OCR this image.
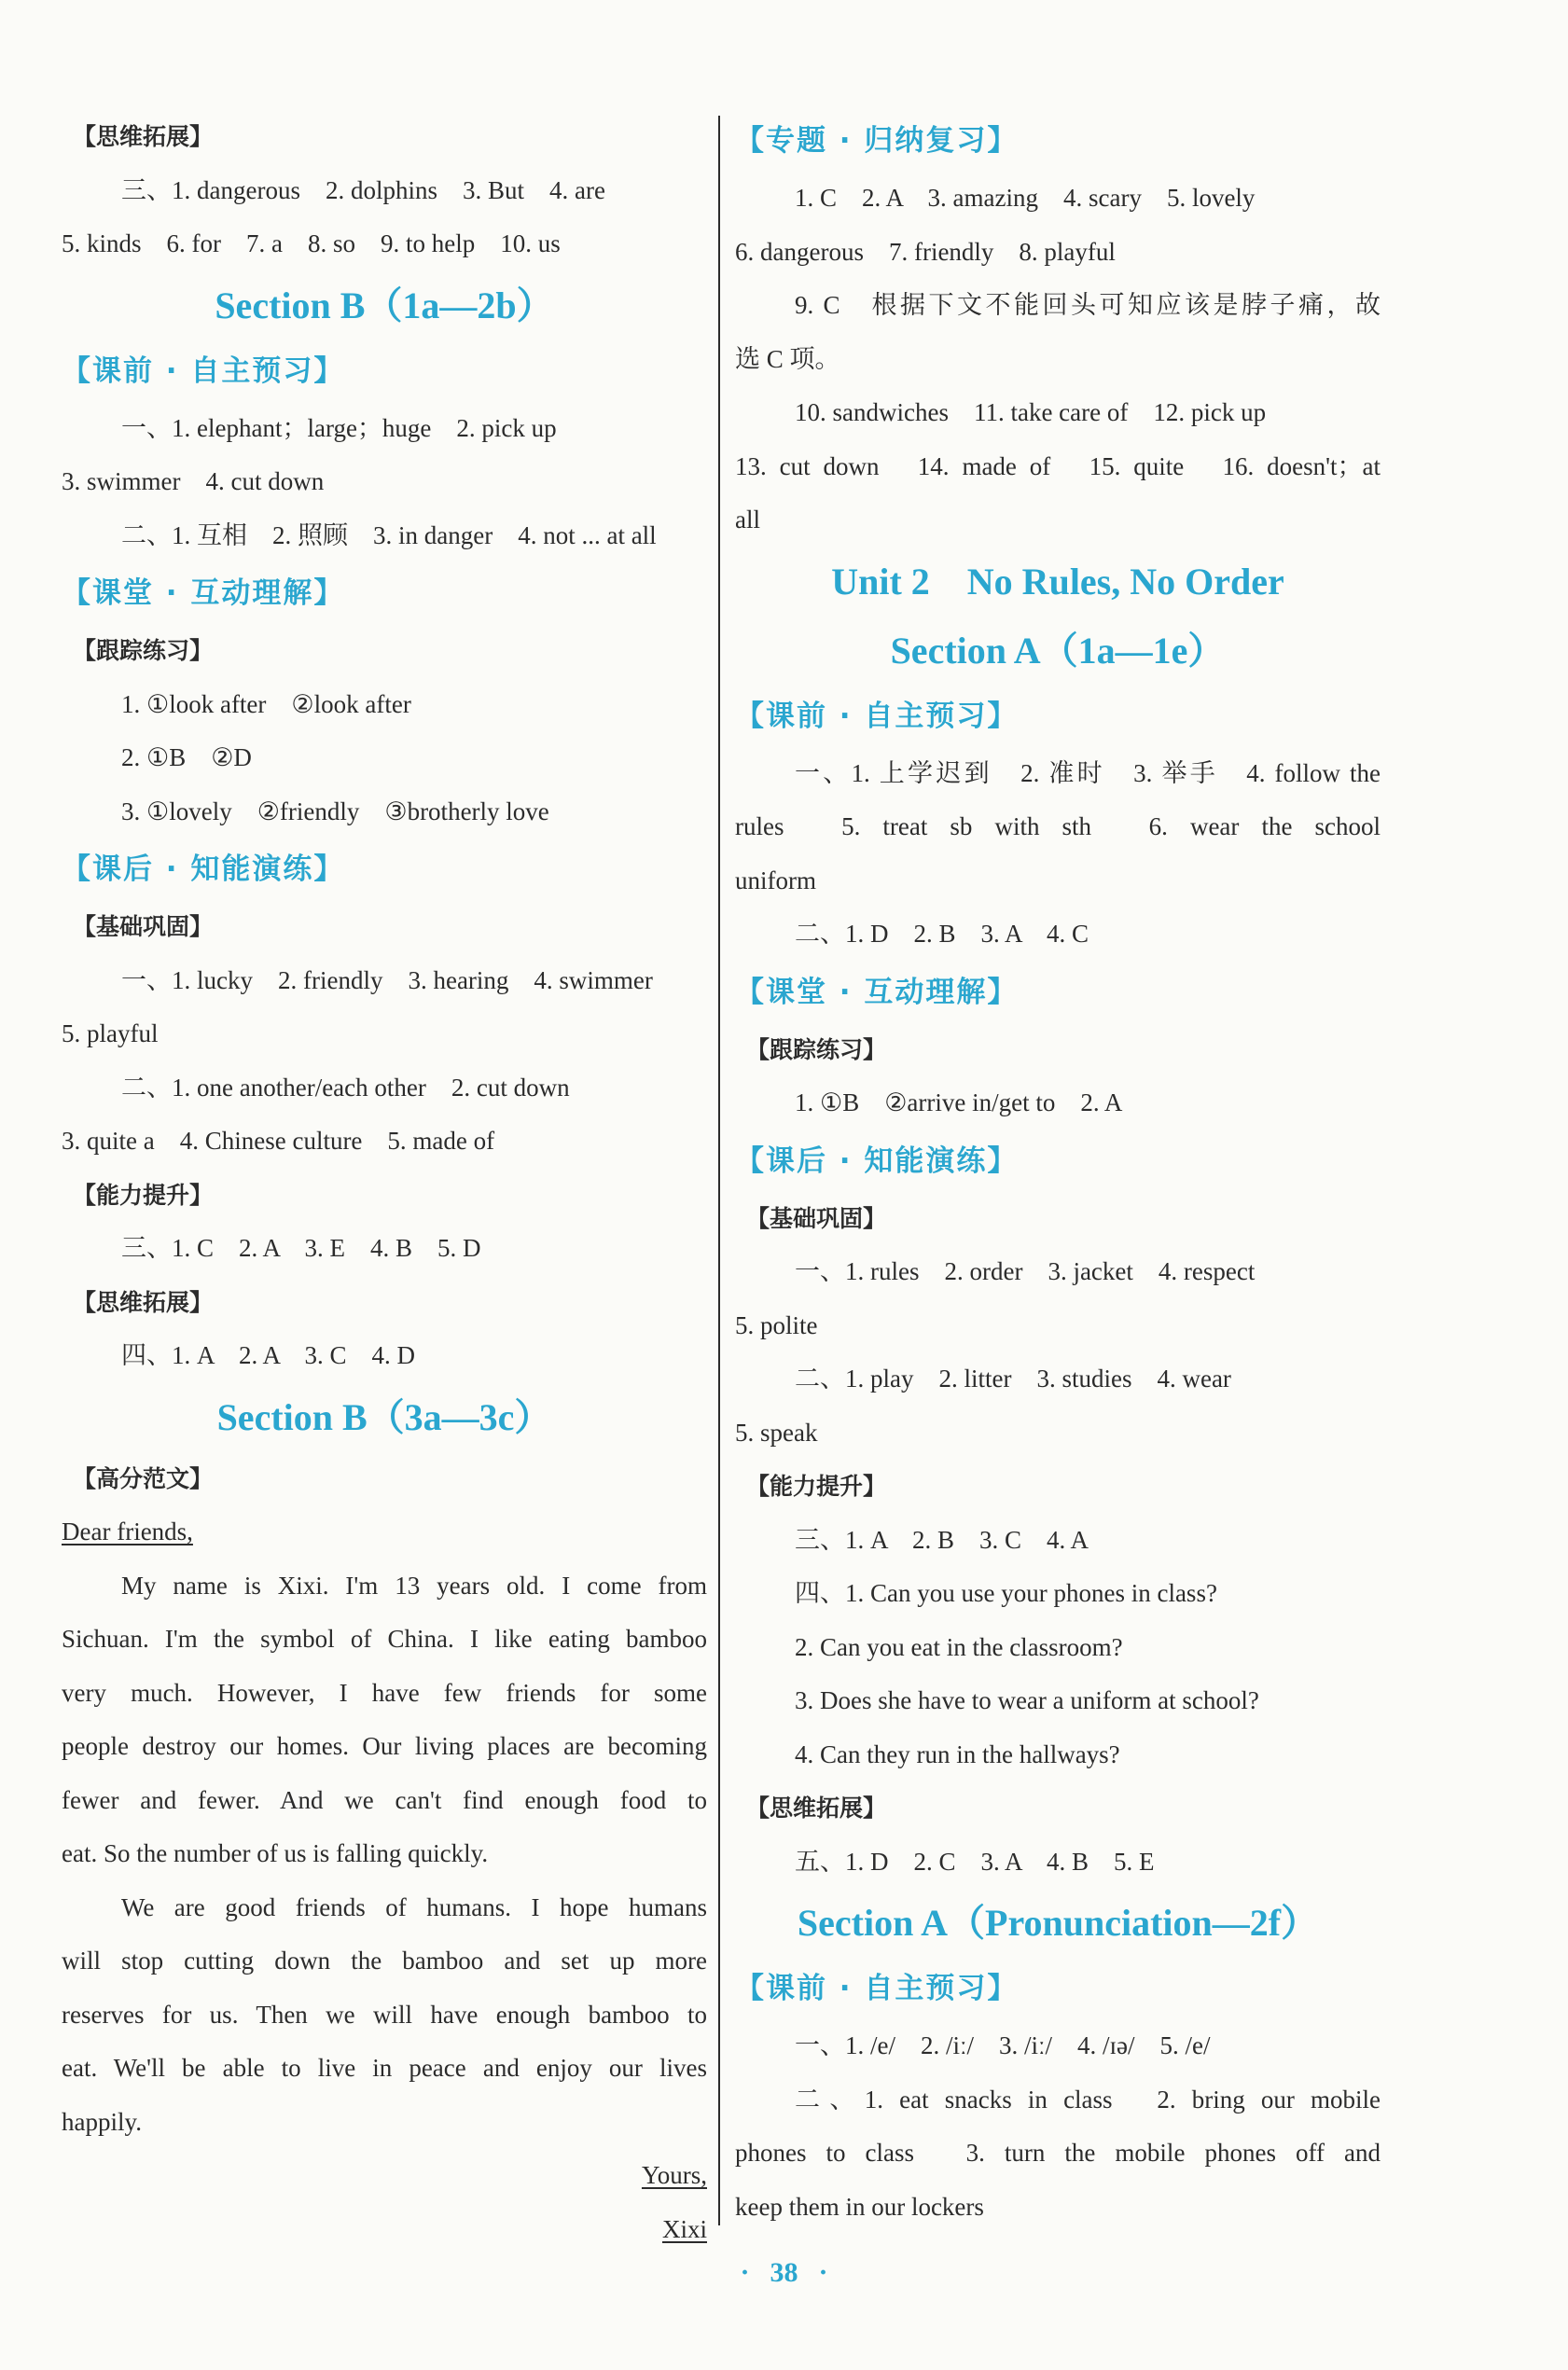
【思维拓展】
三、1. dangerous　2. dolphins　3. But　4. are
5. kinds　6. for　7. a　8. so　9. to help　10. us
Section B（1a—2b）
【课前 · 自主预习】
一、1. elephant；large；huge　2. pick up
3. swimmer　4. cut down
二、1. 互相　2. 照顾　3. in danger　4. not ... at all
【课堂 · 互动理解】
【跟踪练习】
1. ①look after　②look after
2. ①B　②D
3. ①lovely　②friendly　③brotherly love
【课后 · 知能演练】
【基础巩固】
一、1. lucky　2. friendly　3. hearing　4. swimmer
5. playful
二、1. one another/each other　2. cut down
3. quite a　4. Chinese culture　5. made of
【能力提升】
三、1. C　2. A　3. E　4. B　5. D
【思维拓展】
四、1. A　2. A　3. C　4. D
Section B（3a—3c）
【高分范文】
Dear friends,
My name is Xixi. I'm 13 years old. I come from
Sichuan. I'm the symbol of China. I like eating bamboo
very much. However, I have few friends for some
people destroy our homes. Our living places are becoming
fewer and fewer. And we can't find enough food to
eat. So the number of us is falling quickly.
We are good friends of humans. I hope humans
will stop cutting down the bamboo and set up more
reserves for us. Then we will have enough bamboo to
eat. We'll be able to live in peace and enjoy our lives
happily.
Yours,
Xixi
【专题 · 归纳复习】
1. C　2. A　3. amazing　4. scary　5. lovely
6. dangerous　7. friendly　8. playful
9. C　根据下文不能回头可知应该是脖子痛，故
选 C 项。
10. sandwiches　11. take care of　12. pick up
13. cut down　14. made of　15. quite　16. doesn't；at
all
Unit 2　No Rules, No Order
Section A（1a—1e）
【课前 · 自主预习】
一、1. 上学迟到　2. 准时　3. 举手　4. follow the
rules　5. treat sb with sth　6. wear the school
uniform
二、1. D　2. B　3. A　4. C
【课堂 · 互动理解】
【跟踪练习】
1. ①B　②arrive in/get to　2. A
【课后 · 知能演练】
【基础巩固】
一、1. rules　2. order　3. jacket　4. respect
5. polite
二、1. play　2. litter　3. studies　4. wear
5. speak
【能力提升】
三、1. A　2. B　3. C　4. A
四、1. Can you use your phones in class?
2. Can you eat in the classroom?
3. Does she have to wear a uniform at school?
4. Can they run in the hallways?
【思维拓展】
五、1. D　2. C　3. A　4. B　5. E
Section A（Pronunciation—2f）
【课前 · 自主预习】
一、1. /e/　2. /iː/　3. /iː/　4. /ɪə/　5. /e/
二、1. eat snacks in class　2. bring our mobile
phones to class　3. turn the mobile phones off and
keep them in our lockers
· 38 ·
